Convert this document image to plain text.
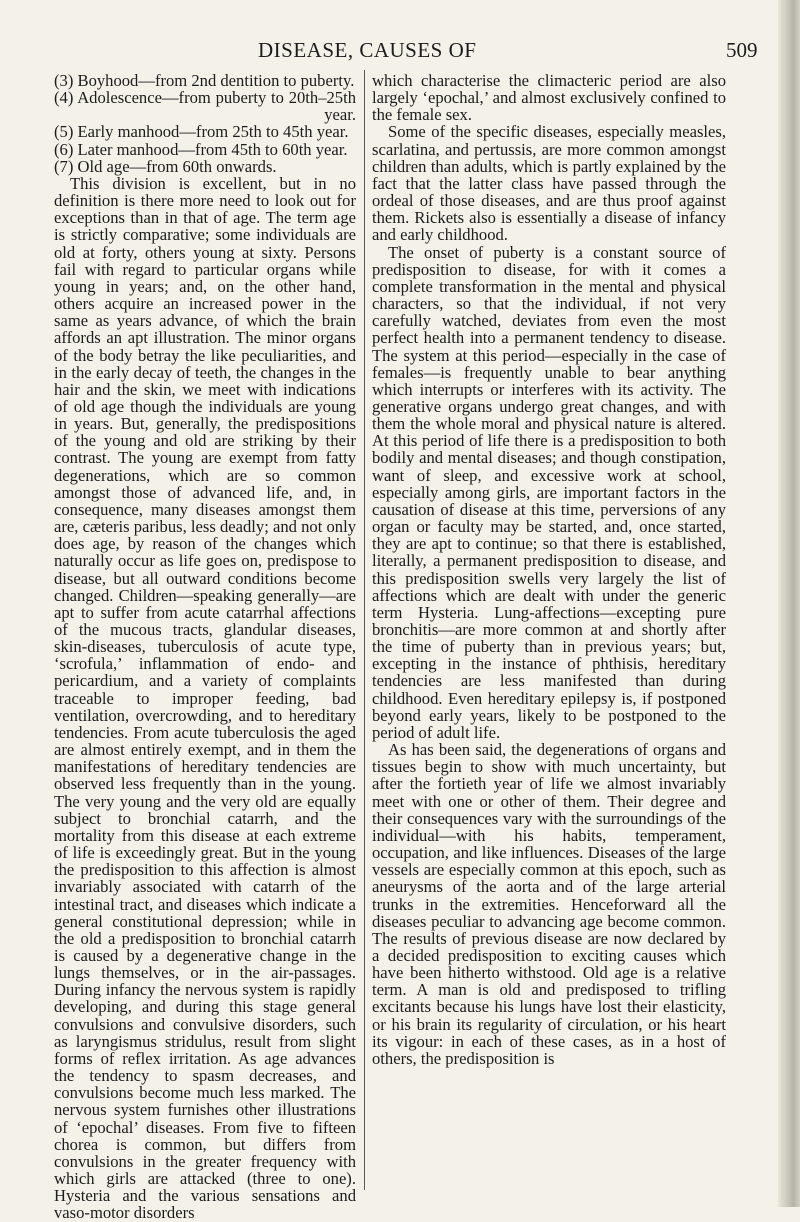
DISEASE, CAUSES OF	509

(3) Boyhood—from 2nd dentition to puberty.

(4) Adolescence—from puberty to 20th–25th

year.

(5) Early manhood—from 25th to 45th year.

(6) Later manhood—from 45th to 60th year.

(7) Old age—from 60th onwards.

This division is excellent, but in no definition is there more need to look out for exceptions than in that of age. The term age is strictly comparative; some individuals are old at forty, others young at sixty. Persons fail with regard to particular organs while young in years; and, on the other hand, others acquire an increased power in the same as years advance, of which the brain affords an apt illustration. The minor organs of the body betray the like peculiarities, and in the early decay of teeth, the changes in the hair and the skin, we meet with indications of old age though the individuals are young in years. But, generally, the predispositions of the young and old are striking by their contrast. The young are exempt from fatty degenerations, which are so common amongst those of advanced life, and, in consequence, many diseases amongst them are, cæteris paribus, less deadly; and not only does age, by reason of the changes which naturally occur as life goes on, predispose to disease, but all outward conditions become changed. Children—speaking generally—are apt to suffer from acute catarrhal affections of the mucous tracts, glandular diseases, skin-diseases, tuberculosis of acute type, ‘scrofula,’ inflammation of endo- and pericardium, and a variety of complaints traceable to improper feeding, bad ventilation, overcrowding, and to hereditary tendencies. From acute tuberculosis the aged are almost entirely exempt, and in them the manifestations of hereditary tendencies are observed less frequently than in the young. The very young and the very old are equally subject to bronchial catarrh, and the mortality from this disease at each extreme of life is exceedingly great. But in the young the predisposition to this affection is almost invariably associated with catarrh of the intestinal tract, and diseases which indicate a general constitutional depression; while in the old a predisposition to bronchial catarrh is caused by a degenerative change in the lungs themselves, or in the air-passages. During infancy the nervous system is rapidly developing, and during this stage general convulsions and convulsive disorders, such as laryngismus stridulus, result from slight forms of reflex irritation. As age advances the tendency to spasm decreases, and convulsions become much less marked. The nervous system furnishes other illustrations of ‘epochal’ diseases. From five to fifteen chorea is common, but differs from convulsions in the greater frequency with which girls are attacked (three to one). Hysteria and the various sensations and vaso-motor disorders

which characterise the climacteric period are also largely ‘epochal,’ and almost exclusively confined to the female sex.

Some of the specific diseases, especially measles, scarlatina, and pertussis, are more common amongst children than adults, which is partly explained by the fact that the latter class have passed through the ordeal of those diseases, and are thus proof against them. Rickets also is essentially a disease of infancy and early childhood.

The onset of puberty is a constant source of predisposition to disease, for with it comes a complete transformation in the mental and physical characters, so that the individual, if not very carefully watched, deviates from even the most perfect health into a permanent tendency to disease. The system at this period—especially in the case of females—is frequently unable to bear anything which interrupts or interferes with its activity. The generative organs undergo great changes, and with them the whole moral and physical nature is altered. At this period of life there is a predisposition to both bodily and mental diseases; and though constipation, want of sleep, and excessive work at school, especially among girls, are important factors in the causation of disease at this time, perversions of any organ or faculty may be started, and, once started, they are apt to continue; so that there is established, literally, a permanent predisposition to disease, and this predisposition swells very largely the list of affections which are dealt with under the generic term Hysteria. Lung-affections—excepting pure bronchitis—are more common at and shortly after the time of puberty than in previous years; but, excepting in the instance of phthisis, hereditary tendencies are less manifested than during childhood. Even hereditary epilepsy is, if postponed beyond early years, likely to be postponed to the period of adult life.

As has been said, the degenerations of organs and tissues begin to show with much uncertainty, but after the fortieth year of life we almost invariably meet with one or other of them. Their degree and their consequences vary with the surroundings of the individual—with his habits, temperament, occupation, and like influences. Diseases of the large vessels are especially common at this epoch, such as aneurysms of the aorta and of the large arterial trunks in the extremities. Henceforward all the diseases peculiar to advancing age become common. The results of previous disease are now declared by a decided predisposition to exciting causes which have been hitherto withstood. Old age is a relative term. A man is old and predisposed to trifling excitants because his lungs have lost their elasticity, or his brain its regularity of circulation, or his heart its vigour: in each of these cases, as in a host of others, the predisposition is
